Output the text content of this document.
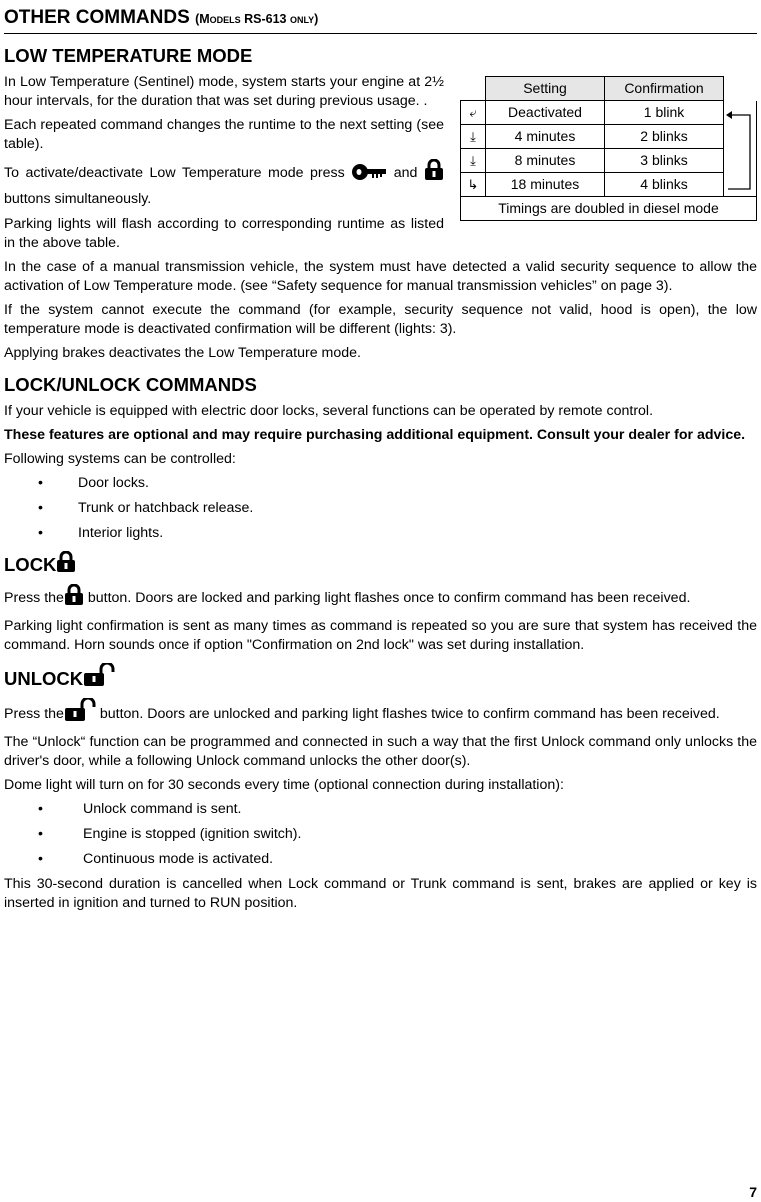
OTHER COMMANDS (Models RS-613 only)
LOW TEMPERATURE MODE

In Low Temperature (Sentinel) mode, system starts your engine at 2½ hour intervals, for the duration that was set during previous usage. .

Each repeated command changes the runtime to the next setting (see table).

To activate/deactivate Low Temperature mode press	and  buttons simultaneously.

Parking lights will flash according to corresponding runtime as listed in the above table.

In the case of a manual transmission vehicle, the system must have detected a valid security sequence to allow the activation of Low Temperature mode. (see “Safety sequence for manual transmission vehicles” on page 3).

If the system cannot execute the command (for example, security sequence not valid, hood is open), the low temperature mode is deactivated confirmation will be different (lights: 3).

Applying brakes deactivates the Low Temperature mode.

LOCK/UNLOCK COMMANDS

If your vehicle is equipped with electric door locks, several functions can be operated by remote control.

These features are optional and may require purchasing additional equipment. Consult your dealer for advice.

Following systems can be controlled:

• Door locks.
• Trunk or hatchback release.
• Interior lights.
LOCK

Press the button. Doors are locked and parking light flashes once to confirm command has been received.

Parking light confirmation is sent as many times as command is repeated so you are sure that system has received the command. Horn sounds once if option "Confirmation on 2nd lock" was set during installation.

UNLOCK

Press the button. Doors are unlocked and parking light flashes twice to confirm command has been received.

The “Unlock“ function can be programmed and connected in such a way that the first Unlock command only unlocks the driver's door, while a following Unlock command unlocks the other door(s).

Dome light will turn on for 30 seconds every time (optional connection during installation):

•	Unlock command is sent.
•	Engine is stopped (ignition switch).
•	Continuous mode is activated.

This 30-second duration is cancelled when Lock command or Trunk command is sent, brakes are applied or key is inserted in ignition and turned to RUN position.

	Setting	Confirmation	
⤶	Deactivated	1 blink	

⤓	4 minutes	2 blinks	
⤓	8 minutes	3 blinks	
↳	18 minutes	4 blinks	
Timings are doubled in diesel mode			
7
